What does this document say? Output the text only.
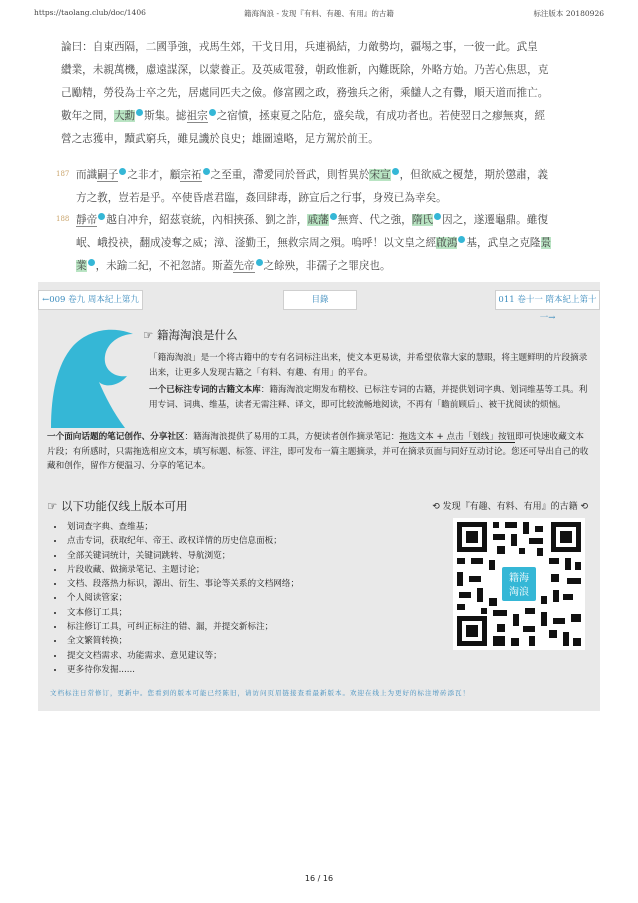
https://taolang.club/doc/1406	籍海淘浪 - 发现『有料、有趣、有用』的古籍	标注版本 20180926

論曰：自東西隔，二國爭強，戎馬生郊，干戈日用，兵連禍結，力敵勢均，疆埸之事，一彼一此。武皇

纘業，未親萬機，慮遠謀深，以蒙養正。及英威電發，朝政惟新，內難既除，外略方始。乃苦心焦思，克

己勵精，勞役為士卒之先，居處同匹夫之儉。修富國之政，務強兵之術，乘讎人之有釁，順天道而推亡。

數年之間，大勳 斯集。摅祖宗 之宿憤，拯東夏之阽危，盛矣哉，有成功者也。若使翌日之瘳無爽，經

營之志獲申，黷武窮兵，雖見譏於良史；雄圖遠略，足方駕於前王。

187 而識嗣子 之非才，顧宗祏 之至重，滯愛同於晉武，則哲異於宋宣 ，但欲威之榎楚，期於懲肅，義

方之教，豈若是乎。卒使昏虐君臨，姦回肆毒，跡宣后之行事，身歿已為幸矣。

188 靜帝 越自冲弁，紹茲衰統，內相挾孫、劉之詐，戚藩 無齊、代之強，隋氏 因之，遂遷龜鼎。雖復

岷、峨投袂，翻成凌奪之威；漳、滏勤王，無救宗周之殞。嗚呼！以文皇之經啟鴻 基，武皇之克隆景

業 ，未踰二紀，不祀忽諸。斯蓋先帝 之餘殃，非孺子之罪戾也。

←009 卷九 周本紀上第九	目錄	011 卷十一 隋本紀上第十一→
☞ 籍海淘浪是什么
「籍海淘浪」是一个将古籍中的专有名词标注出来，使文本更易读，并希望依靠大家的慧眼，将主题鲜明的片段摘录出来，让更多人发现古籍之「有料、有趣、有用」的平台。
一个已标注专词的古籍文本库：籍海淘浪定期发布精校、已标注专词的古籍，并提供划词字典、划词维基等工具。利用专词、词典、维基，读者无需注释、译文，即可比较流畅地阅读，不再有「瞻前顾后」、被干扰阅读的烦恼。
一个面向话题的笔记创作、分享社区：籍海淘浪提供了易用的工具，方便读者创作摘录笔记：拖选文本 + 点击「划线」按钮即可快速收藏文本片段；有所感时，只需拖选相应文本，填写标题、标签、评注，即可发布一篇主题摘录，并可在摘录页面与同好互动讨论。您还可导出自己的收藏和创作，留作方便温习、分享的笔记本。
☞ 以下功能仅线上版本可用	⟲ 发现『有趣、有料、有用』的古籍 ⟲
• 划词查字典、查维基；
• 点击专词，获取纪年、帝王、政权详情的历史信息面板；
• 全部关键词统计，关键词跳转、导航浏览；
• 片段收藏、做摘录笔记、主题讨论；
• 文档、段落热力标识，源出、衍生、事论等关系的文档网络；
• 个人阅读管家；
• 文本修订工具；
• 标注修订工具，可纠正标注的错、漏，并提交新标注；
• 全文繁简转换；
• 提交文档需求、功能需求、意见建议等；
• 更多待你发掘......
籍海
淘浪
文档标注日常修订，更新中。您看到的版本可能已经陈旧，请访问页眉链接查看最新版本。欢迎在线上为更好的标注增砖添瓦！
16 / 16
